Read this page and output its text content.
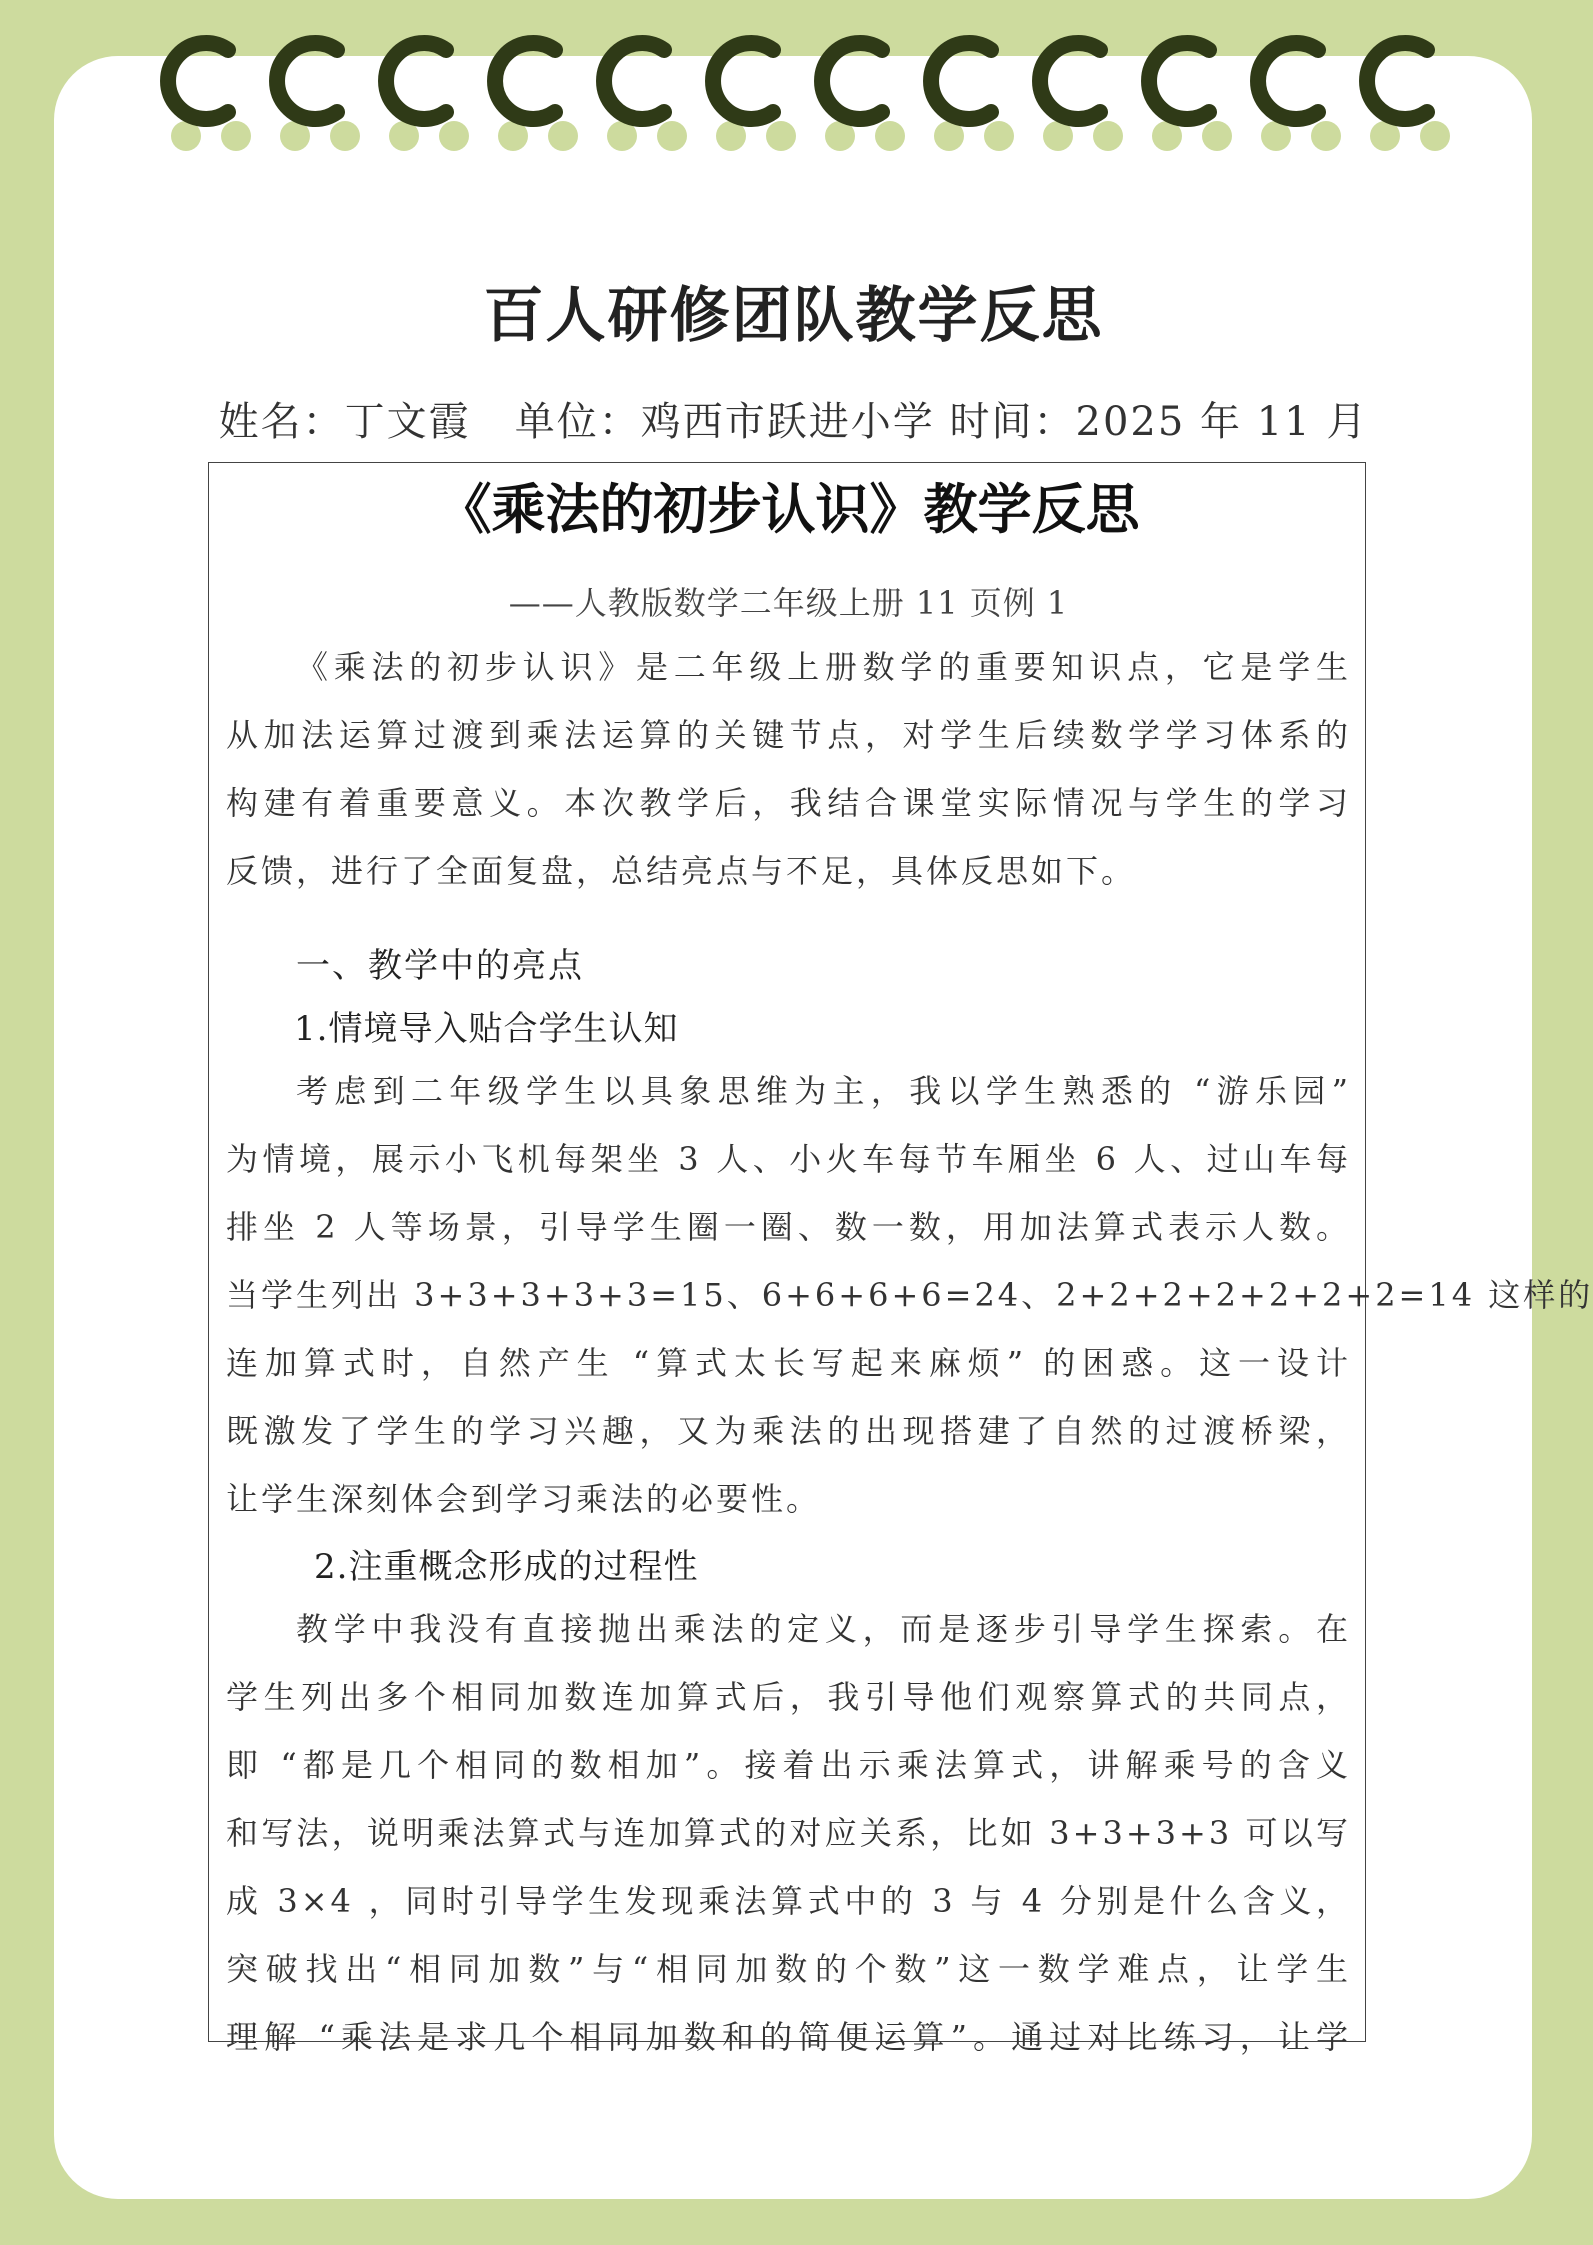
百人研修团队教学反思
姓名：丁文霞   单位：鸡西市跃进小学 时间：2025 年 11 月
《乘法的初步认识》教学反思
——人教版数学二年级上册 11 页例 1

《乘法的初步认识》是二年级上册数学的重要知识点，它是学生
从加法运算过渡到乘法运算的关键节点，对学生后续数学学习体系的
构建有着重要意义。本次教学后，我结合课堂实际情况与学生的学习
反馈，进行了全面复盘，总结亮点与不足，具体反思如下。

一、教学中的亮点
1.情境导入贴合学生认知

考虑到二年级学生以具象思维为主，我以学生熟悉的 “游乐园”
为情境，展示小飞机每架坐 3 人、小火车每节车厢坐 6 人、过山车每
排坐 2 人等场景，引导学生圈一圈、数一数，用加法算式表示人数。
当学生列出 3+3+3+3+3=15、6+6+6+6=24、2+2+2+2+2+2+2=14 这样的
连加算式时，自然产生 “算式太长写起来麻烦” 的困惑。这一设计
既激发了学生的学习兴趣，又为乘法的出现搭建了自然的过渡桥梁，
让学生深刻体会到学习乘法的必要性。

2.注重概念形成的过程性

教学中我没有直接抛出乘法的定义，而是逐步引导学生探索。在
学生列出多个相同加数连加算式后，我引导他们观察算式的共同点，
即 “都是几个相同的数相加”。接着出示乘法算式，讲解乘号的含义
和写法，说明乘法算式与连加算式的对应关系，比如 3+3+3+3 可以写
成 3×4 ，同时引导学生发现乘法算式中的 3 与 4 分别是什么含义，
突破找出“相同加数”与“相同加数的个数”这一数学难点，让学生
理解 “乘法是求几个相同加数和的简便运算”。通过对比练习，让学
